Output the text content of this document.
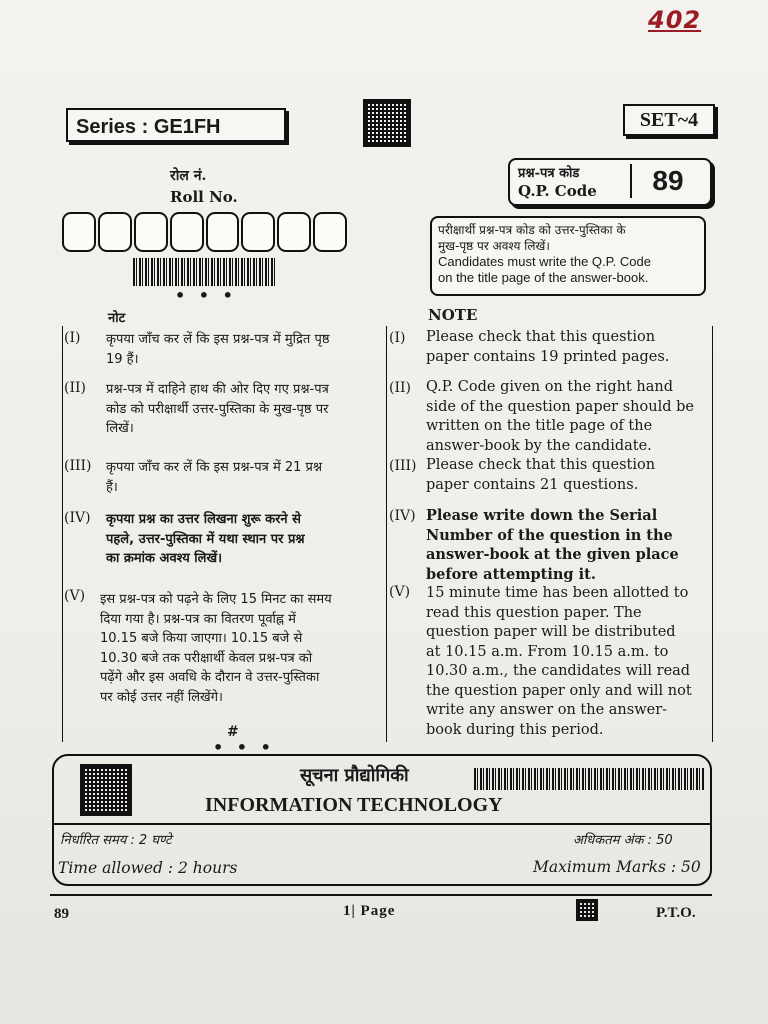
402
Series : GE1FH	SET~4
रोल नं.
Roll No.
• • •
प्रश्न-पत्र कोड
Q.P. Code	89
परीक्षार्थी प्रश्न-पत्र कोड को उत्तर-पुस्तिका के
मुख-पृष्ठ पर अवश्य लिखें।
Candidates must write the Q.P. Code
on the title page of the answer-book.
नोट	NOTE
(I) कृपया जाँच कर लें कि इस प्रश्न-पत्र में मुद्रित पृष्ठ
19 हैं।
(II) प्रश्न-पत्र में दाहिने हाथ की ओर दिए गए प्रश्न-पत्र
कोड को परीक्षार्थी उत्तर-पुस्तिका के मुख-पृष्ठ पर
लिखें।
(III) कृपया जाँच कर लें कि इस प्रश्न-पत्र में 21 प्रश्न
हैं।
(IV) कृपया प्रश्न का उत्तर लिखना शुरू करने से
पहले, उत्तर-पुस्तिका में यथा स्थान पर प्रश्न
का क्रमांक अवश्य लिखें।
(V) इस प्रश्न-पत्र को पढ़ने के लिए 15 मिनट का समय
दिया गया है। प्रश्न-पत्र का वितरण पूर्वाह्न में
10.15 बजे किया जाएगा। 10.15 बजे से
10.30 बजे तक परीक्षार्थी केवल प्रश्न-पत्र को
पढ़ेंगे और इस अवधि के दौरान वे उत्तर-पुस्तिका
पर कोई उत्तर नहीं लिखेंगे।
(I) Please check that this question
paper contains 19 printed pages.
(II) Q.P. Code given on the right hand
side of the question paper should be
written on the title page of the
answer-book by the candidate.
(III) Please check that this question
paper contains 21 questions.
(IV) Please write down the Serial
Number of the question in the
answer-book at the given place
before attempting it.
(V) 15 minute time has been allotted to
read this question paper. The
question paper will be distributed
at 10.15 a.m. From 10.15 a.m. to
10.30 a.m., the candidates will read
the question paper only and will not
write any answer on the answer-
book during this period.
#
• • •
सूचना प्रौद्योगिकी
INFORMATION TECHNOLOGY
निर्धारित समय : 2 घण्टे	अधिकतम अंक : 50
Time allowed : 2 hours	Maximum Marks : 50
89	1| Page	P.T.O.
